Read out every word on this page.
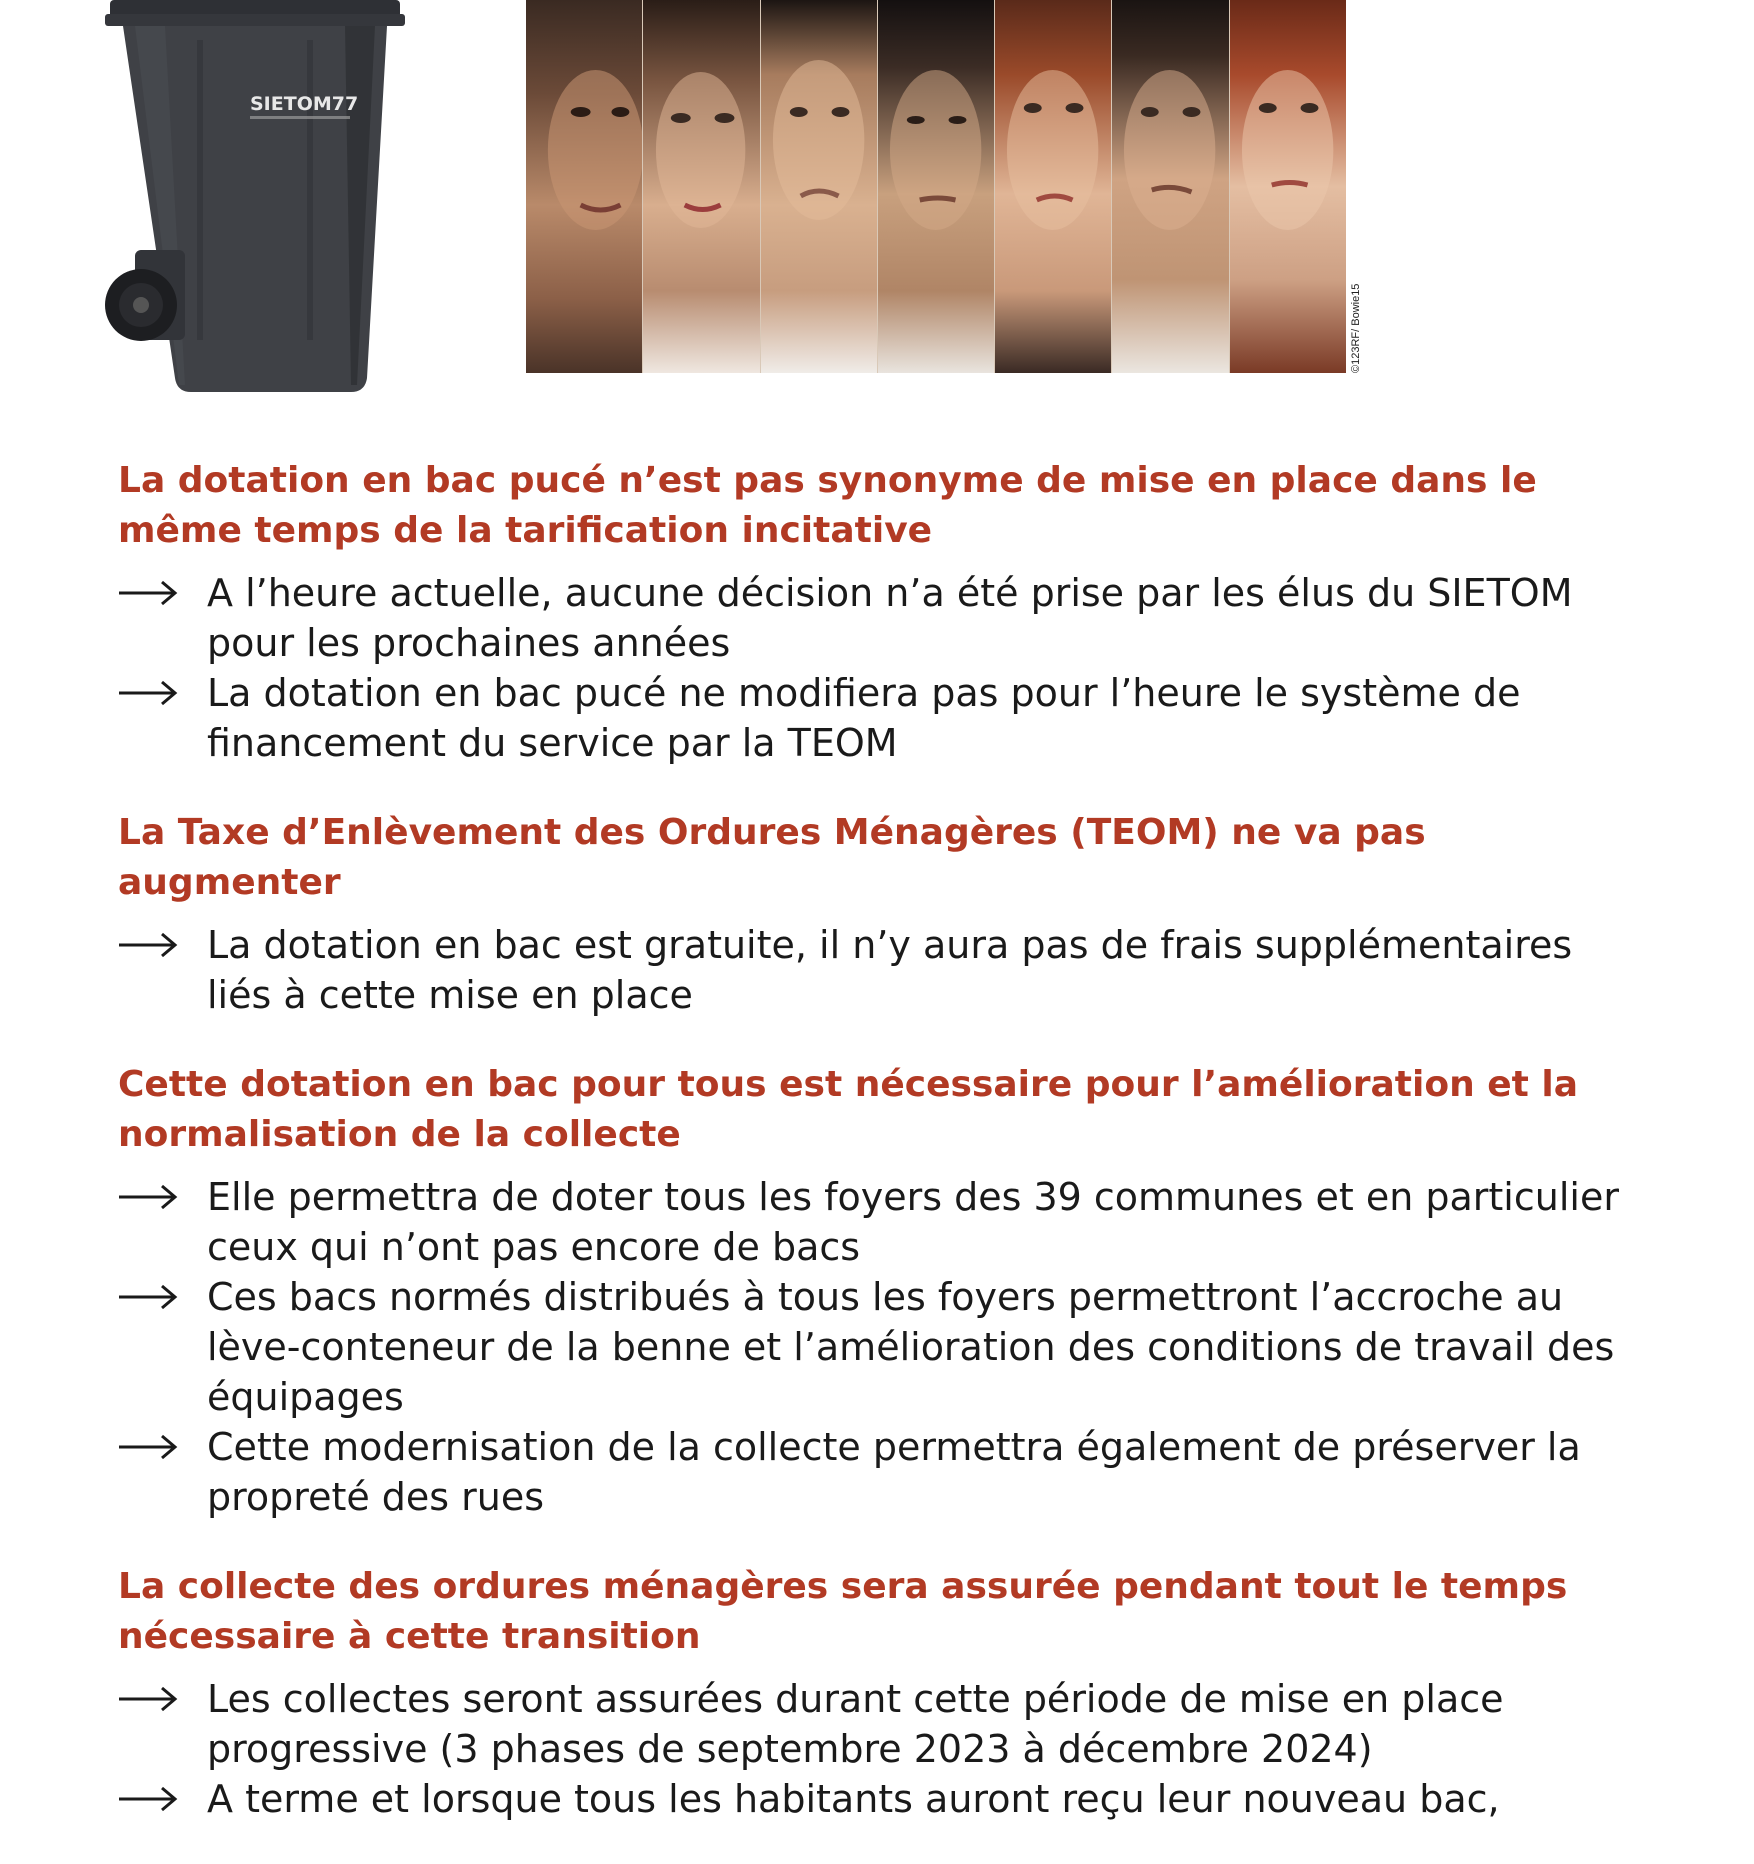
SIETOM77
©123RF/ Bowie15
La dotation en bac pucé n’est pas synonyme de mise en place dans le même temps de la tarification incitative
A l’heure actuelle, aucune décision n’a été prise par les élus du SIETOM pour les prochaines années
La dotation en bac pucé ne modifiera pas pour l’heure le système de financement du service par la TEOM
La Taxe d’Enlèvement des Ordures Ménagères (TEOM) ne va pas augmenter
La dotation en bac est gratuite, il n’y aura pas de frais supplémentaires liés à cette mise en place
Cette dotation en bac pour tous est nécessaire pour l’amélioration et la normalisation de la collecte
Elle permettra de doter tous les foyers des 39 communes et en particulier ceux qui n’ont pas encore de bacs
Ces bacs normés distribués à tous les foyers permettront l’accroche au lève-conteneur de la benne et l’amélioration des conditions de travail des équipages
Cette modernisation de la collecte permettra également de préserver la propreté des rues
La collecte des ordures ménagères sera assurée pendant tout le temps nécessaire à cette transition
Les collectes seront assurées durant cette période de mise en place progressive (3 phases de septembre 2023 à décembre 2024)
A terme et lorsque tous les habitants auront reçu leur nouveau bac,
